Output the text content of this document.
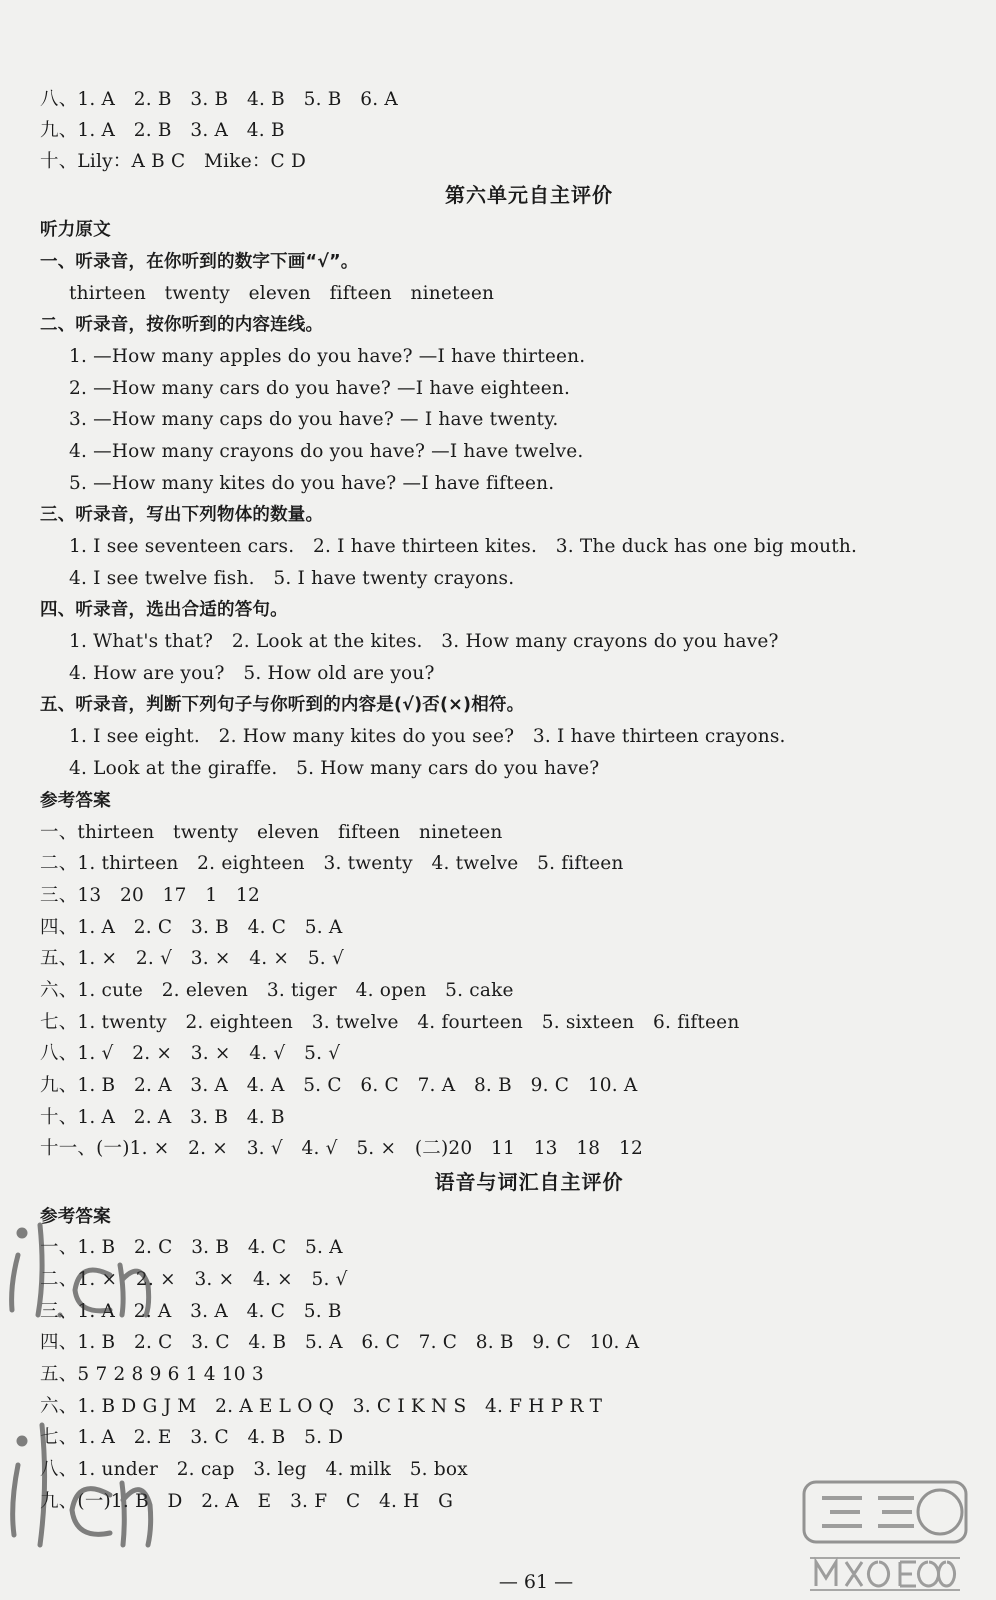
八、1. A　2. B　3. B　4. B　5. B　6. A
九、1. A　2. B　3. A　4. B
十、Lily：A B C　Mike：C D
第六单元自主评价
听力原文
一、听录音，在你听到的数字下画“√”。
thirteen　twenty　eleven　fifteen　nineteen
二、听录音，按你听到的内容连线。
1. —How many apples do you have? —I have thirteen.
2. —How many cars do you have? —I have eighteen.
3. —How many caps do you have? — I have twenty.
4. —How many crayons do you have? —I have twelve.
5. —How many kites do you have? —I have fifteen.
三、听录音，写出下列物体的数量。
1. I see seventeen cars.　2. I have thirteen kites.　3. The duck has one big mouth.
4. I see twelve fish.　5. I have twenty crayons.
四、听录音，选出合适的答句。
1. What's that?　2. Look at the kites.　3. How many crayons do you have?
4. How are you?　5. How old are you?
五、听录音，判断下列句子与你听到的内容是(√)否(×)相符。
1. I see eight.　2. How many kites do you see?　3. I have thirteen crayons.
4. Look at the giraffe.　5. How many cars do you have?
参考答案
一、thirteen　twenty　eleven　fifteen　nineteen
二、1. thirteen　2. eighteen　3. twenty　4. twelve　5. fifteen
三、13　20　17　1　12
四、1. A　2. C　3. B　4. C　5. A
五、1. ×　2. √　3. ×　4. ×　5. √
六、1. cute　2. eleven　3. tiger　4. open　5. cake
七、1. twenty　2. eighteen　3. twelve　4. fourteen　5. sixteen　6. fifteen
八、1. √　2. ×　3. ×　4. √　5. √
九、1. B　2. A　3. A　4. A　5. C　6. C　7. A　8. B　9. C　10. A
十、1. A　2. A　3. B　4. B
十一、(一)1. ×　2. ×　3. √　4. √　5. ×　(二)20　11　13　18　12
语音与词汇自主评价
参考答案
一、1. B　2. C　3. B　4. C　5. A
二、1. ×　2. ×　3. ×　4. ×　5. √
三、1. A　2. A　3. A　4. C　5. B
四、1. B　2. C　3. C　4. B　5. A　6. C　7. C　8. B　9. C　10. A
五、5 7 2 8 9 6 1 4 10 3
六、1. B D G J M　2. A E L O Q　3. C I K N S　4. F H P R T
七、1. A　2. E　3. C　4. B　5. D
八、1. under　2. cap　3. leg　4. milk　5. box
九、(一)1. B　D　2. A　E　3. F　C　4. H　G
— 61 —
